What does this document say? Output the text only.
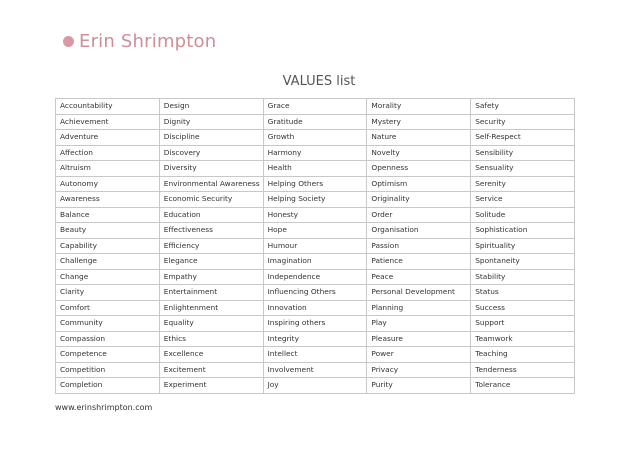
Erin Shrimpton
VALUES list
Accountability	Design	Grace	Morality	Safety
Achievement	Dignity	Gratitude	Mystery	Security
Adventure	Discipline	Growth	Nature	Self-Respect
Affection	Discovery	Harmony	Novelty	Sensibility
Altruism	Diversity	Health	Openness	Sensuality
Autonomy	Environmental Awareness	Helping Others	Optimism	Serenity
Awareness	Economic Security	Helping Society	Originality	Service
Balance	Education	Honesty	Order	Solitude
Beauty	Effectiveness	Hope	Organisation	Sophistication
Capability	Efficiency	Humour	Passion	Spirituality
Challenge	Elegance	Imagination	Patience	Spontaneity
Change	Empathy	Independence	Peace	Stability
Clarity	Entertainment	Influencing Others	Personal Development	Status
Comfort	Enlightenment	Innovation	Planning	Success
Community	Equality	Inspiring others	Play	Support
Compassion	Ethics	Integrity	Pleasure	Teamwork
Competence	Excellence	Intellect	Power	Teaching
Competition	Excitement	Involvement	Privacy	Tenderness
Completion	Experiment	Joy	Purity	Tolerance
www.erinshrimpton.com
